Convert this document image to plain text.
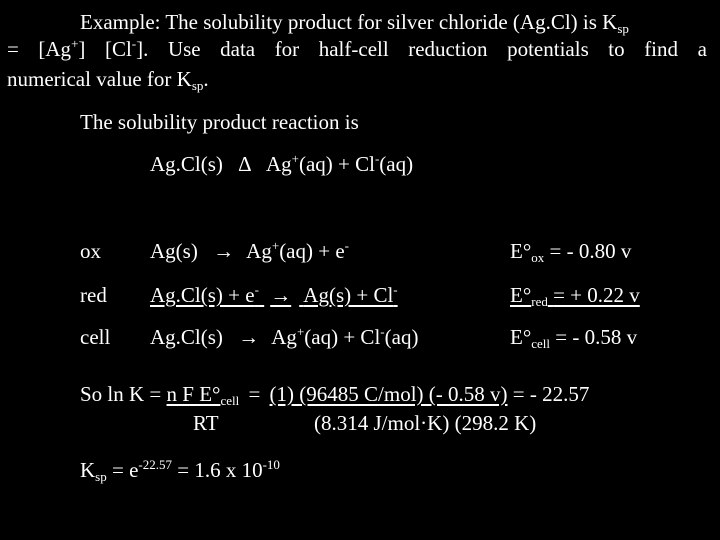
Example: The solubility product for silver chloride (Ag.Cl) is $K_{sp}$
= [Ag+] [Cl-]. Use data for half-cell reduction potentials to find a
numerical value for $K_{sp}$.
The solubility product reaction is
Ag.Cl(s) Δ Ag+(aq) + Cl-(aq)
ox Ag(s) → Ag+(aq) + e-	$E^\circ_{ox}$ = - 0.80 v
red Ag.Cl(s) + e- → Ag(s) + Cl-	$E^\circ_{red}$ = + 0.22 v
cell Ag.Cl(s) → Ag+(aq) + Cl-(aq)	$E^\circ_{cell}$ = - 0.58 v
So ln K = n F $E^\circ_{cell} = (1)$ (96485 C/mol) (- 0.58 v) = - 22.57
RT	(8.314 J/mol·K) (298.2 K)
$K_{sp} = e^{-22.57} = 1.6$ x $10^{-10}$
